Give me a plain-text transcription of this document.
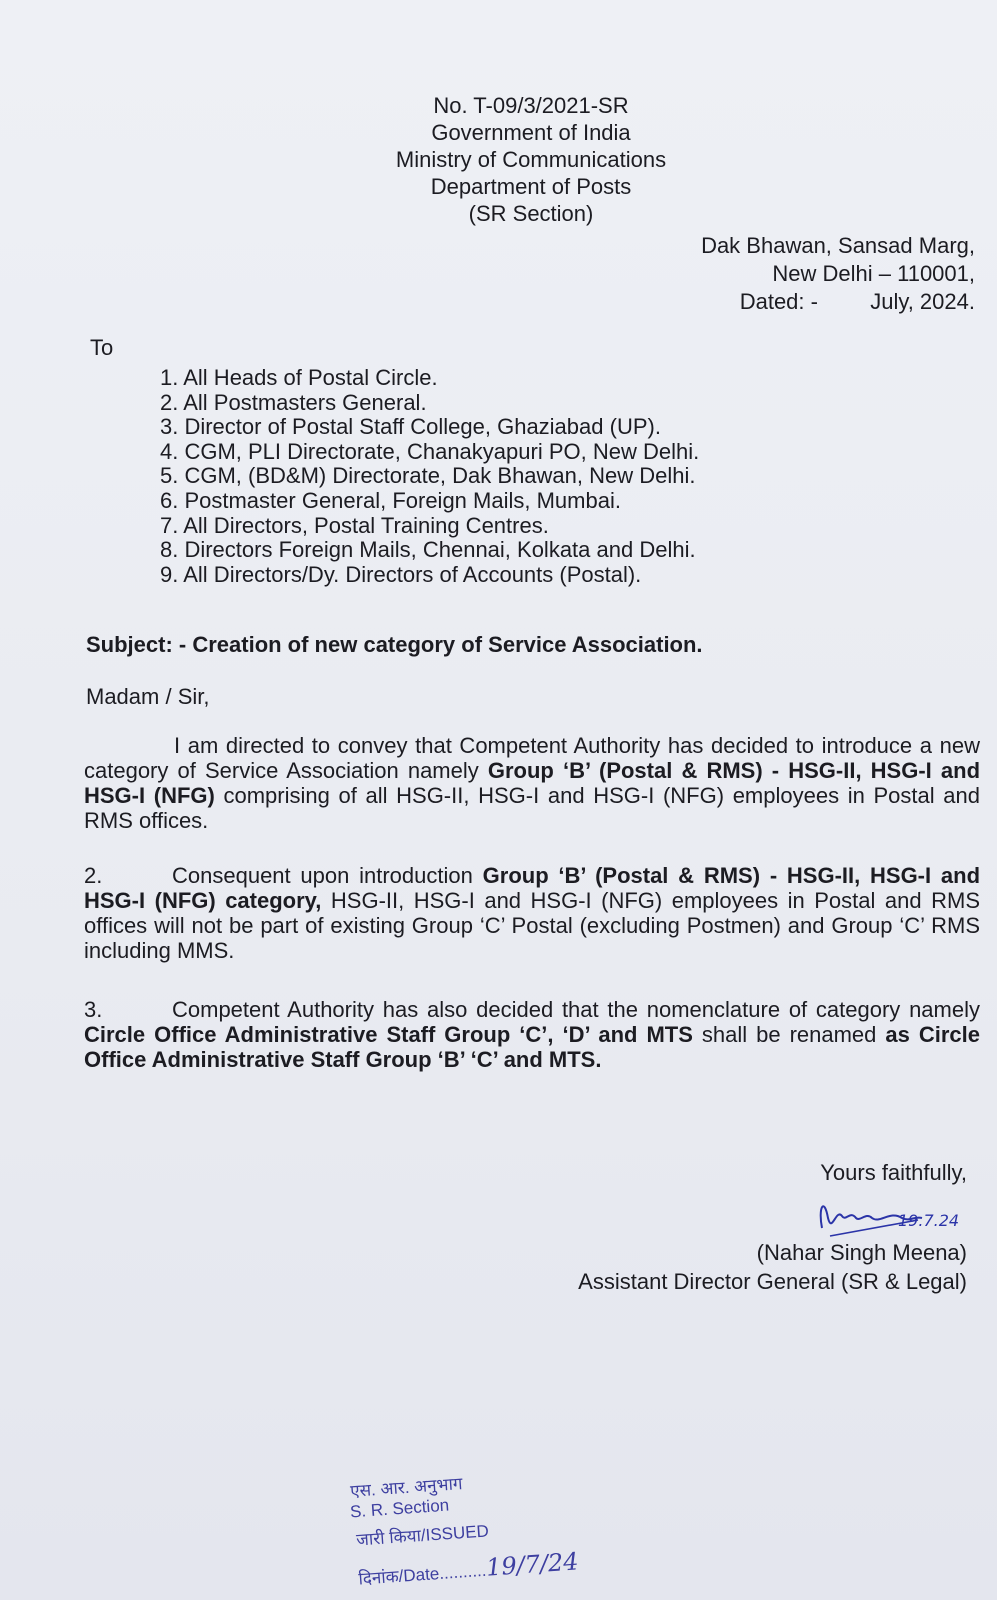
No. T-09/3/2021-SR
Government of India
Ministry of Communications
Department of Posts
(SR Section)
Dak Bhawan, Sansad Marg,
New Delhi – 110001,
Dated: - July, 2024.
To
1. All Heads of Postal Circle.
2. All Postmasters General.
3. Director of Postal Staff College, Ghaziabad (UP).
4. CGM, PLI Directorate, Chanakyapuri PO, New Delhi.
5. CGM, (BD&M) Directorate, Dak Bhawan, New Delhi.
6. Postmaster General, Foreign Mails, Mumbai.
7. All Directors, Postal Training Centres.
8. Directors Foreign Mails, Chennai, Kolkata and Delhi.
9. All Directors/Dy. Directors of Accounts (Postal).
Subject: - Creation of new category of Service Association.
Madam / Sir,
I am directed to convey that Competent Authority has decided to introduce a new category of Service Association namely Group ‘B’ (Postal & RMS) - HSG-II, HSG-I and HSG-I (NFG) comprising of all HSG-II, HSG-I and HSG-I (NFG) employees in Postal and RMS offices.
2.	Consequent upon introduction Group ‘B’ (Postal & RMS) - HSG-II, HSG-I and HSG-I (NFG) category, HSG-II, HSG-I and HSG-I (NFG) employees in Postal and RMS offices will not be part of existing Group ‘C’ Postal (excluding Postmen) and Group ‘C’ RMS including MMS.
3.	Competent Authority has also decided that the nomenclature of category namely Circle Office Administrative Staff Group ‘C’, ‘D’ and MTS shall be renamed as Circle Office Administrative Staff Group ‘B’ ‘C’ and MTS.
Yours faithfully,
19.7.24
(Nahar Singh Meena)
Assistant Director General (SR & Legal)
एस. आर. अनुभाग
S. R. Section
जारी किया/ISSUED
दिनांक/Date..........19/7/24
